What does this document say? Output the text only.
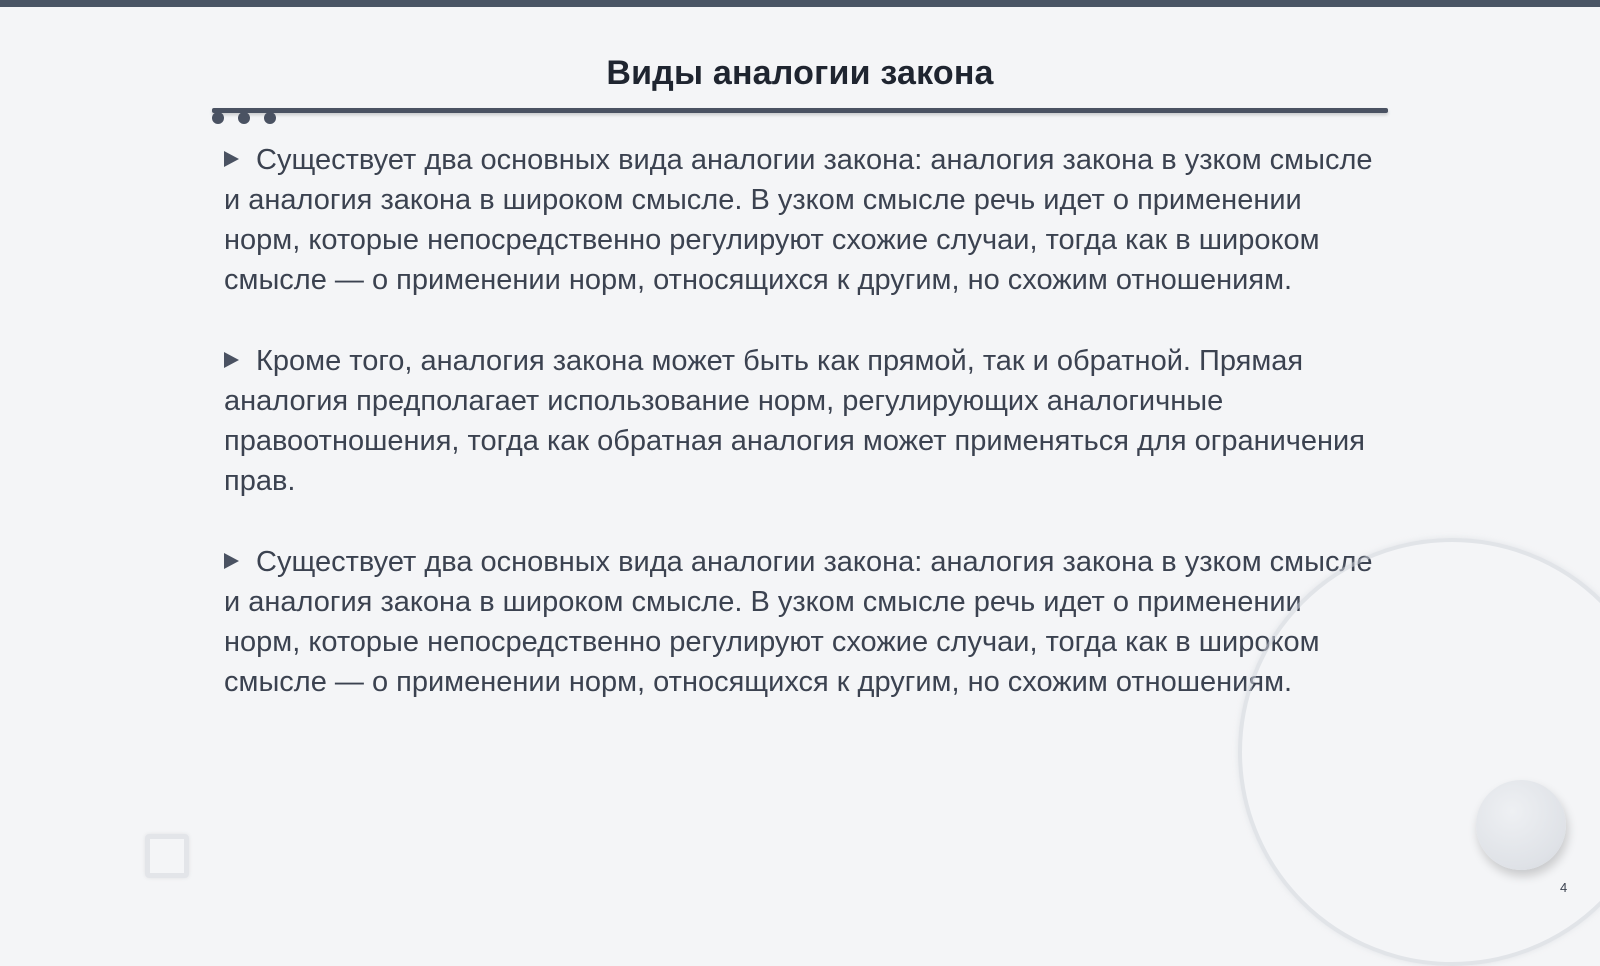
Виды аналогии закона

Существует два основных вида аналогии закона: аналогия закона в узком смысле и аналогия закона в широком смысле. В узком смысле речь идет о применении норм, которые непосредственно регулируют схожие случаи, тогда как в широком смысле — о применении норм, относящихся к другим, но схожим отношениям.

Кроме того, аналогия закона может быть как прямой, так и обратной. Прямая аналогия предполагает использование норм, регулирующих аналогичные правоотношения, тогда как обратная аналогия может применяться для ограничения прав.

Существует два основных вида аналогии закона: аналогия закона в узком смысле и аналогия закона в широком смысле. В узком смысле речь идет о применении норм, которые непосредственно регулируют схожие случаи, тогда как в широком смысле — о применении норм, относящихся к другим, но схожим отношениям.

4
